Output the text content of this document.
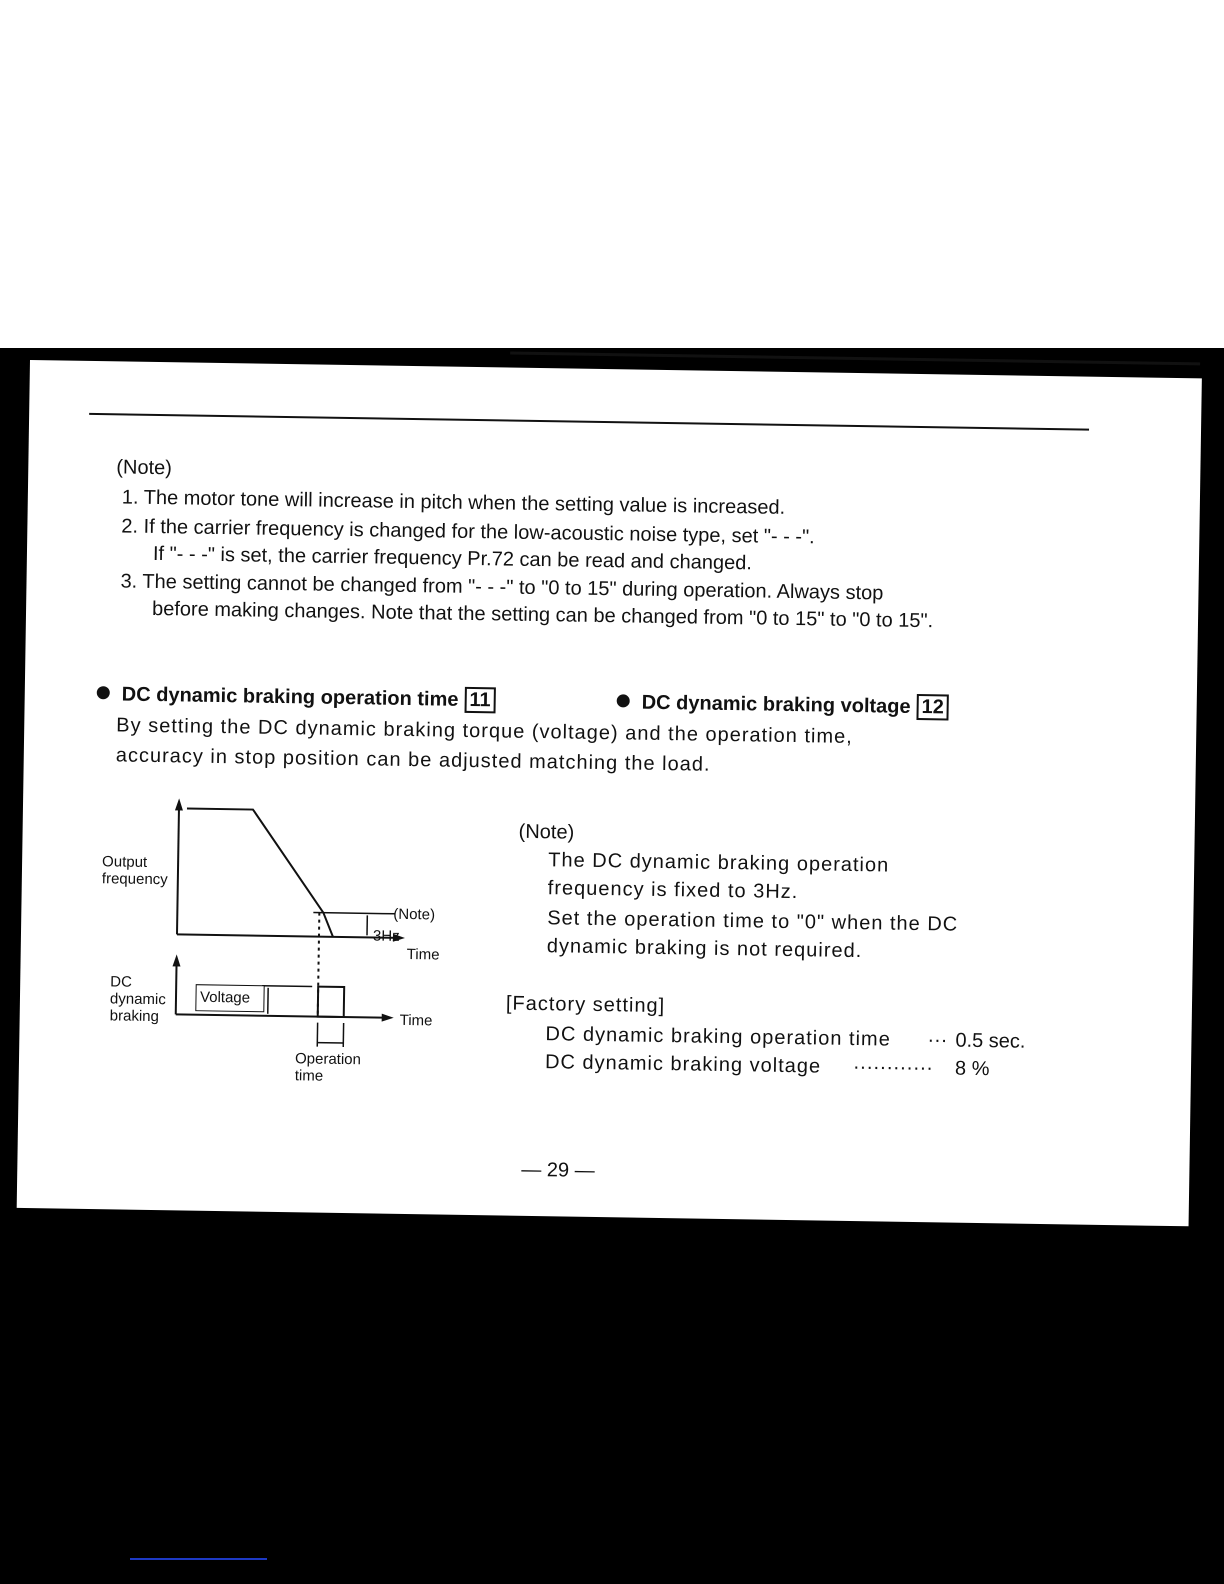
(Note)
1. The motor tone will increase in pitch when the setting value is increased.
2. If the carrier frequency is changed for the low-acoustic noise type, set "- - -".
If "- - -" is set, the carrier frequency Pr.72 can be read and changed.
3. The setting cannot be changed from "- - -" to "0 to 15" during operation. Always stop
before making changes. Note that the setting can be changed from "0 to 15" to "0 to 15".
DC dynamic braking operation time 11	DC dynamic braking voltage 12
By setting the DC dynamic braking torque (voltage) and the operation time,
accuracy in stop position can be adjusted matching the load.
Output
frequency
DC
dynamic
braking
(Note)
3Hz
Time
Voltage
Time
Operation
time
(Note)
The DC dynamic braking operation
frequency is fixed to 3Hz.
Set the operation time to "0" when the DC
dynamic braking is not required.
[Factory setting]
DC dynamic braking operation time ··· 0.5 sec.
DC dynamic braking voltage ············ 8 %
— 29 —
